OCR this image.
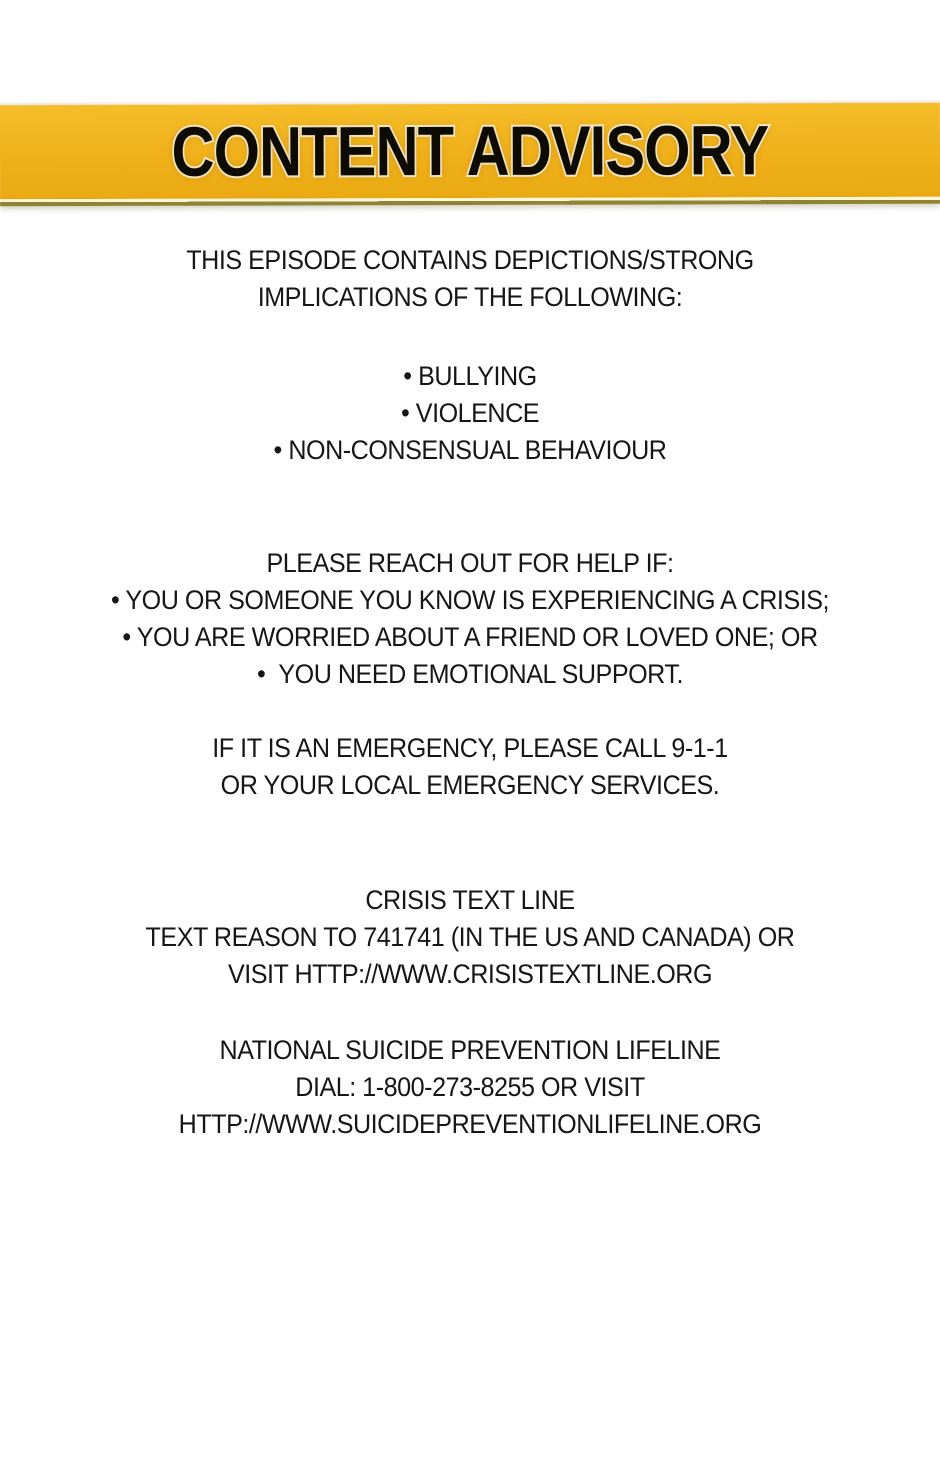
CONTENT ADVISORY
THIS EPISODE CONTAINS DEPICTIONS/STRONG
IMPLICATIONS OF THE FOLLOWING:
• BULLYING
• VIOLENCE
• NON-CONSENSUAL BEHAVIOUR
PLEASE REACH OUT FOR HELP IF:
• YOU OR SOMEONE YOU KNOW IS EXPERIENCING A CRISIS;
• YOU ARE WORRIED ABOUT A FRIEND OR LOVED ONE; OR
•  YOU NEED EMOTIONAL SUPPORT.
IF IT IS AN EMERGENCY, PLEASE CALL 9-1-1
OR YOUR LOCAL EMERGENCY SERVICES.
CRISIS TEXT LINE
TEXT REASON TO 741741 (IN THE US AND CANADA) OR
VISIT HTTP://WWW.CRISISTEXTLINE.ORG
NATIONAL SUICIDE PREVENTION LIFELINE
DIAL: 1-800-273-8255 OR VISIT
HTTP://WWW.SUICIDEPREVENTIONLIFELINE.ORG
